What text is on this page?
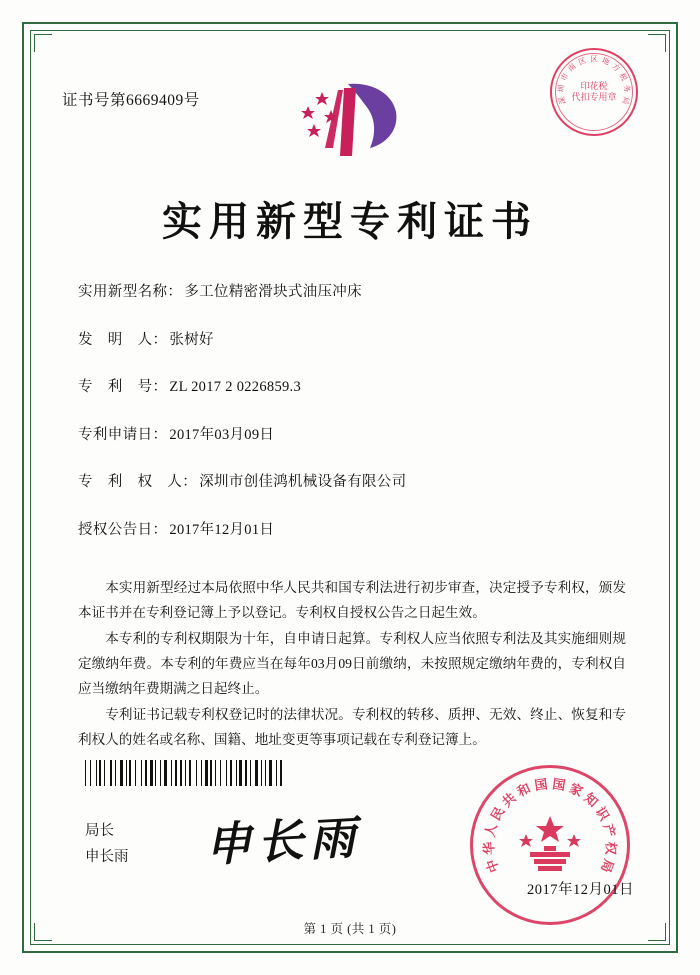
证书号第6669409号
印花税
代扣专用章
深
圳
市
南
区 区 地
方
税
务
局
实用新型专利证书
实用新型名称： 多工位精密滑块式油压冲床
发　明　人： 张树好
专　利　号： ZL 2017 2 0226859.3
专利申请日： 2017年03月09日
专　利　权　人： 深圳市创佳鸿机械设备有限公司
授权公告日： 2017年12月01日

本实用新型经过本局依照中华人民共和国专利法进行初步审查，决定授予专利权，颁发本证书并在专利登记簿上予以登记。专利权自授权公告之日起生效。

本专利的专利权期限为十年，自申请日起算。专利权人应当依照专利法及其实施细则规定缴纳年费。本专利的年费应当在每年03月09日前缴纳，未按照规定缴纳年费的，专利权自应当缴纳年费期满之日起终止。

专利证书记载专利权登记时的法律状况。专利权的转移、质押、无效、终止、恢复和专利权人的姓名或名称、国籍、地址变更等事项记载在专利登记簿上。

局长
申长雨 申长雨	中
华
人
民
共
和 国 国 家
知
识
产
权
局
2017年12月01日
第 1 页 (共 1 页)
